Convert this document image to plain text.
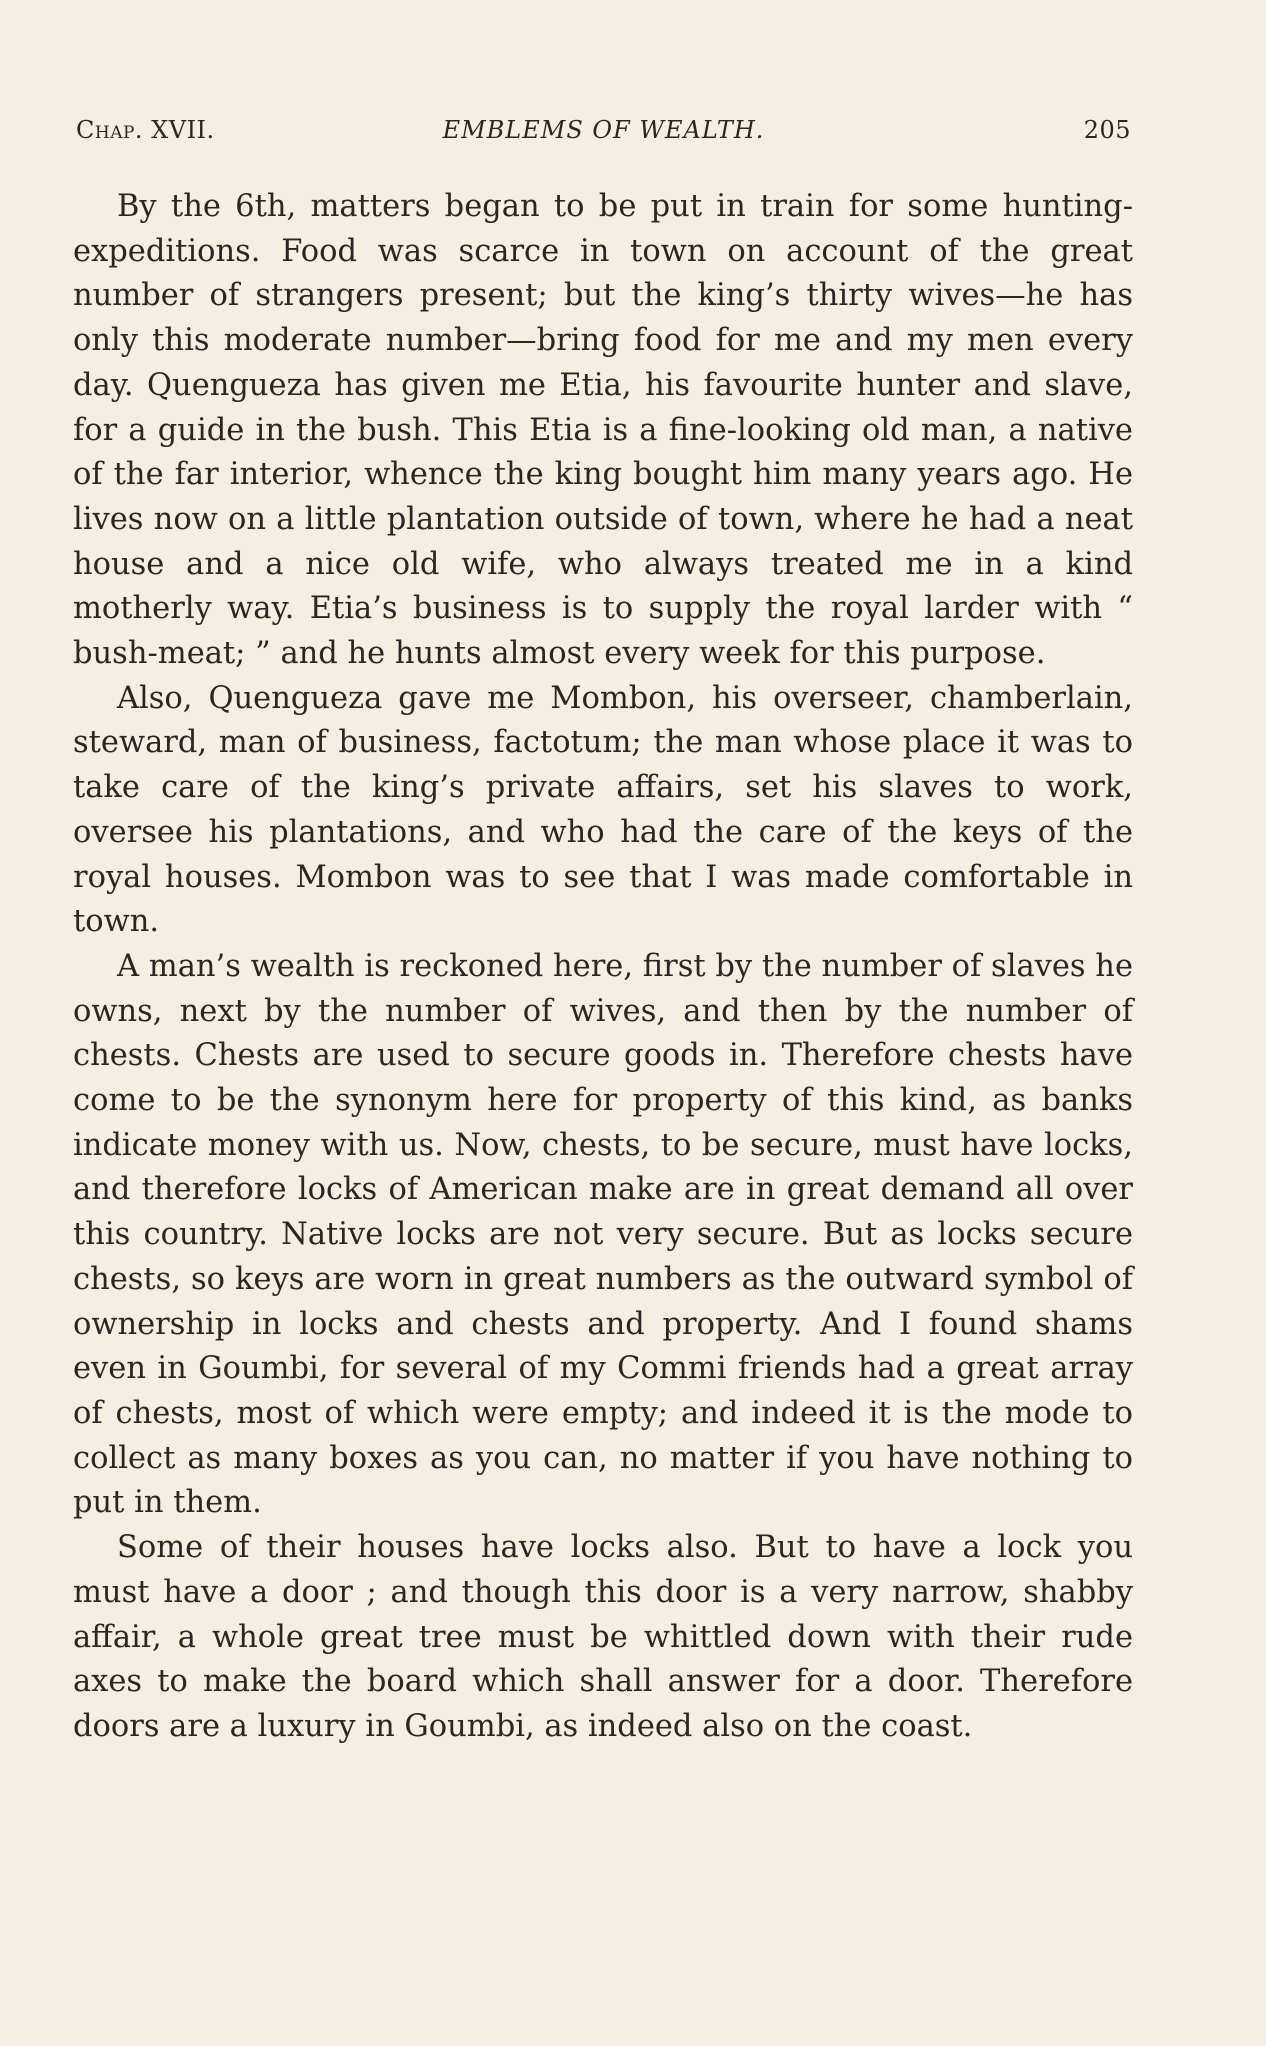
Chap. XVII.	EMBLEMS OF WEALTH.	205

By the 6th, matters began to be put in train for some hunting-expeditions. Food was scarce in town on account of the great number of strangers present; but the king’s thirty wives—he has only this moderate number—bring food for me and my men every day. Quengueza has given me Etia, his favourite hunter and slave, for a guide in the bush. This Etia is a fine-looking old man, a native of the far interior, whence the king bought him many years ago. He lives now on a little plantation outside of town, where he had a neat house and a nice old wife, who always treated me in a kind motherly way. Etia’s business is to supply the royal larder with “ bush-meat; ” and he hunts almost every week for this purpose.

Also, Quengueza gave me Mombon, his overseer, chamberlain, steward, man of business, factotum; the man whose place it was to take care of the king’s private affairs, set his slaves to work, oversee his plantations, and who had the care of the keys of the royal houses. Mombon was to see that I was made comfortable in town.

A man’s wealth is reckoned here, first by the number of slaves he owns, next by the number of wives, and then by the number of chests. Chests are used to secure goods in. Therefore chests have come to be the synonym here for property of this kind, as banks indicate money with us. Now, chests, to be secure, must have locks, and therefore locks of American make are in great demand all over this country. Native locks are not very secure. But as locks secure chests, so keys are worn in great numbers as the outward symbol of ownership in locks and chests and property. And I found shams even in Goumbi, for several of my Commi friends had a great array of chests, most of which were empty; and indeed it is the mode to collect as many boxes as you can, no matter if you have nothing to put in them.

Some of their houses have locks also. But to have a lock you must have a door ; and though this door is a very narrow, shabby affair, a whole great tree must be whittled down with their rude axes to make the board which shall answer for a door. Therefore doors are a luxury in Goumbi, as indeed also on the coast.
